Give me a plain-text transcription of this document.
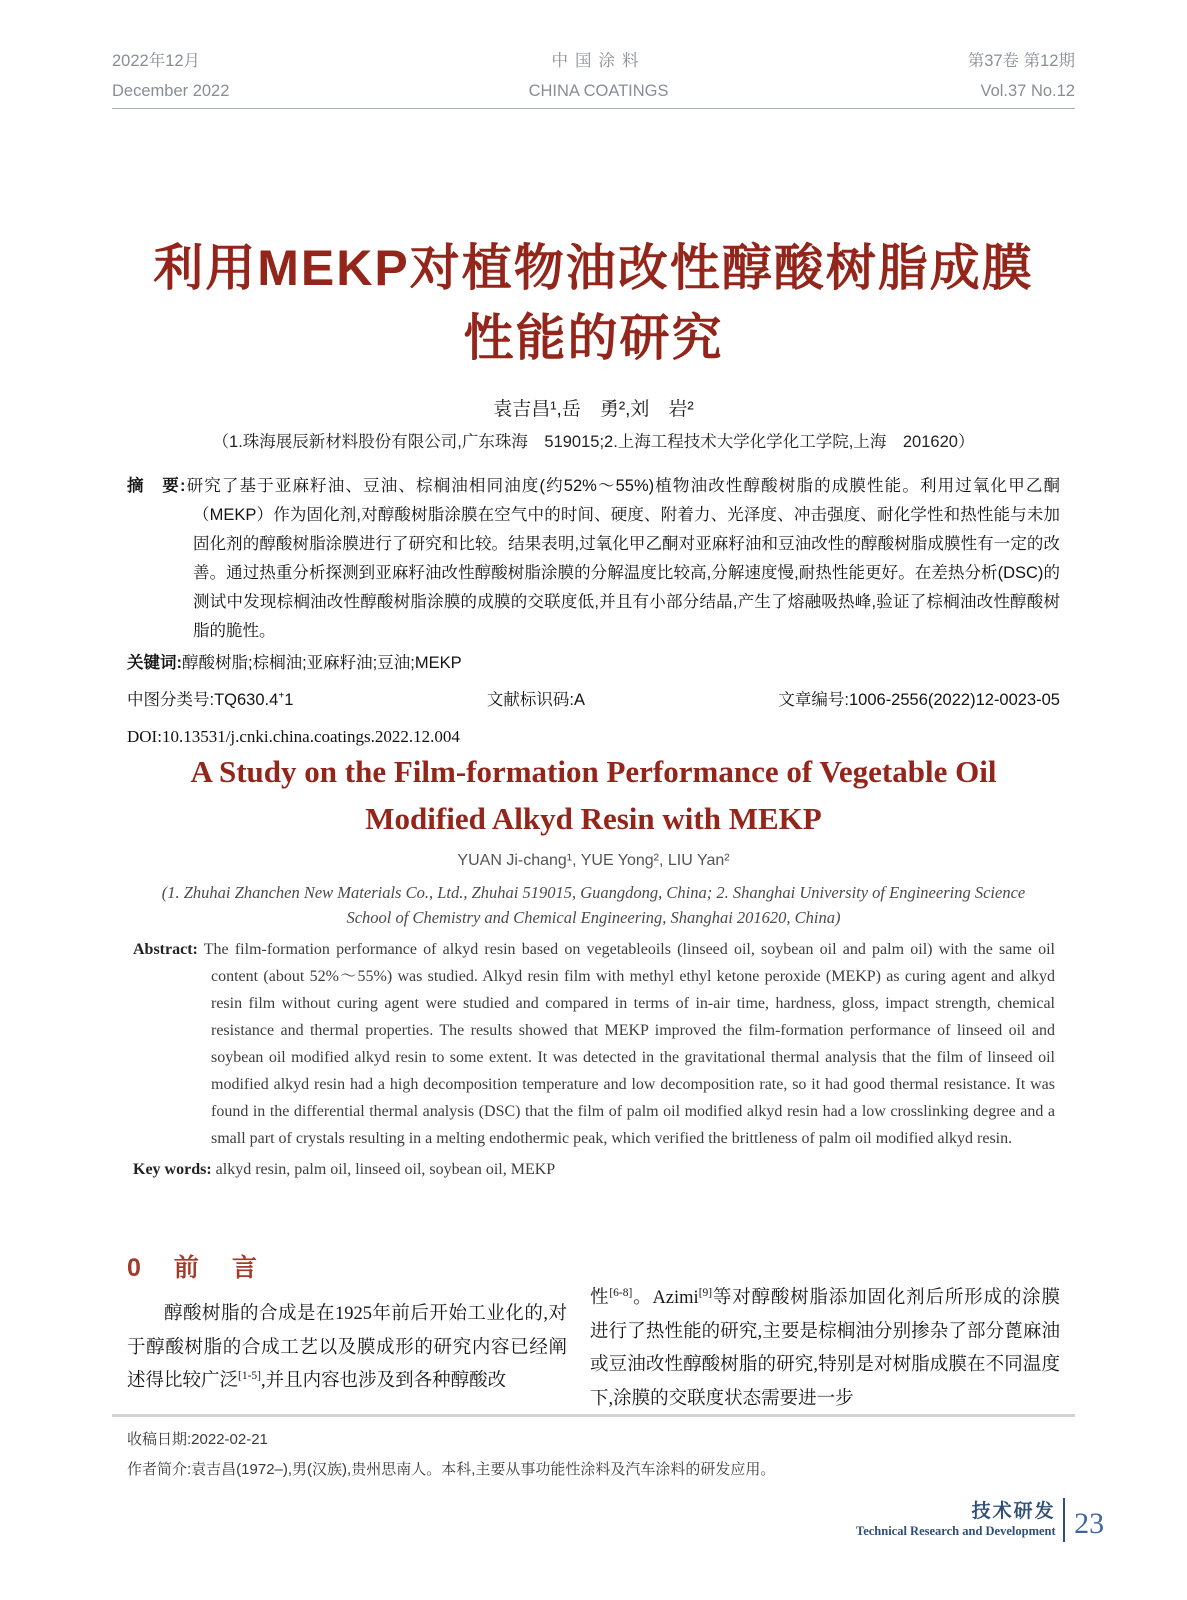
2022年12月
December 2022
中国涂料
CHINA COATINGS
第37卷 第12期
Vol.37 No.12
利用MEKP对植物油改性醇酸树脂成膜
性能的研究
袁吉昌¹,岳　勇²,刘　岩²
（1.珠海展辰新材料股份有限公司,广东珠海　519015;2.上海工程技术大学化学化工学院,上海　201620）
摘　要:研究了基于亚麻籽油、豆油、棕榈油相同油度(约52%～55%)植物油改性醇酸树脂的成膜性能。利用过氧化甲乙酮（MEKP）作为固化剂,对醇酸树脂涂膜在空气中的时间、硬度、附着力、光泽度、冲击强度、耐化学性和热性能与未加固化剂的醇酸树脂涂膜进行了研究和比较。结果表明,过氧化甲乙酮对亚麻籽油和豆油改性的醇酸树脂成膜性有一定的改善。通过热重分析探测到亚麻籽油改性醇酸树脂涂膜的分解温度比较高,分解速度慢,耐热性能更好。在差热分析(DSC)的测试中发现棕榈油改性醇酸树脂涂膜的成膜的交联度低,并且有小部分结晶,产生了熔融吸热峰,验证了棕榈油改性醇酸树脂的脆性。
关键词:醇酸树脂;棕榈油;亚麻籽油;豆油;MEKP
中图分类号:TQ630.4+1	文献标识码:A	文章编号:1006-2556(2022)12-0023-05
DOI:10.13531/j.cnki.china.coatings.2022.12.004
A Study on the Film-formation Performance of Vegetable Oil
Modified Alkyd Resin with MEKP
YUAN Ji-chang¹, YUE Yong², LIU Yan²
(1. Zhuhai Zhanchen New Materials Co., Ltd., Zhuhai 519015, Guangdong, China; 2. Shanghai University of Engineering Science
School of Chemistry and Chemical Engineering, Shanghai 201620, China)
Abstract: The film-formation performance of alkyd resin based on vegetableoils (linseed oil, soybean oil and palm oil) with the same oil content (about 52%～55%) was studied. Alkyd resin film with methyl ethyl ketone peroxide (MEKP) as curing agent and alkyd resin film without curing agent were studied and compared in terms of in-air time, hardness, gloss, impact strength, chemical resistance and thermal properties. The results showed that MEKP improved the film-formation performance of linseed oil and soybean oil modified alkyd resin to some extent. It was detected in the gravitational thermal analysis that the film of linseed oil modified alkyd resin had a high decomposition temperature and low decomposition rate, so it had good thermal resistance. It was found in the differential thermal analysis (DSC) that the film of palm oil modified alkyd resin had a low crosslinking degree and a small part of crystals resulting in a melting endothermic peak, which verified the brittleness of palm oil modified alkyd resin.
Key words: alkyd resin, palm oil, linseed oil, soybean oil, MEKP
0　前　言
醇酸树脂的合成是在1925年前后开始工业化的,对于醇酸树脂的合成工艺以及膜成形的研究内容已经阐述得比较广泛[1-5],并且内容也涉及到各种醇酸改
性[6-8]。Azimi[9]等对醇酸树脂添加固化剂后所形成的涂膜进行了热性能的研究,主要是棕榈油分别掺杂了部分蓖麻油或豆油改性醇酸树脂的研究,特别是对树脂成膜在不同温度下,涂膜的交联度状态需要进一步
收稿日期:2022-02-21
作者简介:袁吉昌(1972–),男(汉族),贵州思南人。本科,主要从事功能性涂料及汽车涂料的研发应用。
技术研发
Technical Research and Development 23
